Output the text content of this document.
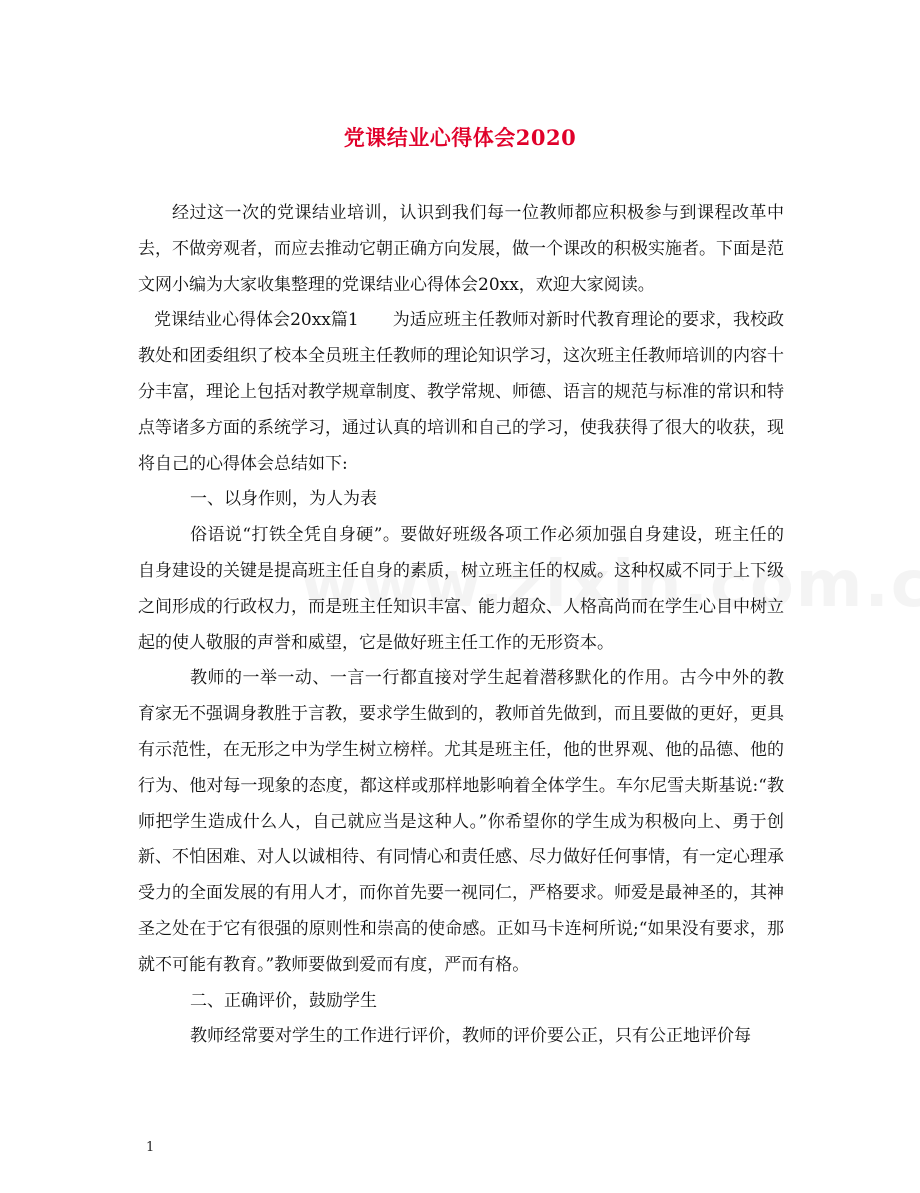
党课结业心得体会2020

经过这一次的党课结业培训，认识到我们每一位教师都应积极参与到课程改革中去，不做旁观者，而应去推动它朝正确方向发展，做一个课改的积极实施者。下面是范文网小编为大家收集整理的党课结业心得体会20xx，欢迎大家阅读。

党课结业心得体会20xx篇1　　为适应班主任教师对新时代教育理论的要求，我校政教处和团委组织了校本全员班主任教师的理论知识学习，这次班主任教师培训的内容十分丰富，理论上包括对教学规章制度、教学常规、师德、语言的规范与标准的常识和特点等诸多方面的系统学习，通过认真的培训和自己的学习，使我获得了很大的收获，现将自己的心得体会总结如下:

一、以身作则，为人为表

俗语说“打铁全凭自身硬”。要做好班级各项工作必须加强自身建设，班主任的自身建设的关键是提高班主任自身的素质，树立班主任的权威。这种权威不同于上下级之间形成的行政权力，而是班主任知识丰富、能力超众、人格高尚而在学生心目中树立起的使人敬服的声誉和威望，它是做好班主任工作的无形资本。

教师的一举一动、一言一行都直接对学生起着潜移默化的作用。古今中外的教育家无不强调身教胜于言教，要求学生做到的，教师首先做到，而且要做的更好，更具有示范性，在无形之中为学生树立榜样。尤其是班主任，他的世界观、他的品德、他的行为、他对每一现象的态度，都这样或那样地影响着全体学生。车尔尼雪夫斯基说:“教师把学生造成什么人，自己就应当是这种人。”你希望你的学生成为积极向上、勇于创新、不怕困难、对人以诚相待、有同情心和责任感、尽力做好任何事情，有一定心理承受力的全面发展的有用人才，而你首先要一视同仁，严格要求。师爱是最神圣的，其神圣之处在于它有很强的原则性和崇高的使命感。正如马卡连柯所说;“如果没有要求，那就不可能有教育。”教师要做到爱而有度，严而有格。

二、正确评价，鼓励学生

教师经常要对学生的工作进行评价，教师的评价要公正，只有公正地评价每

1
